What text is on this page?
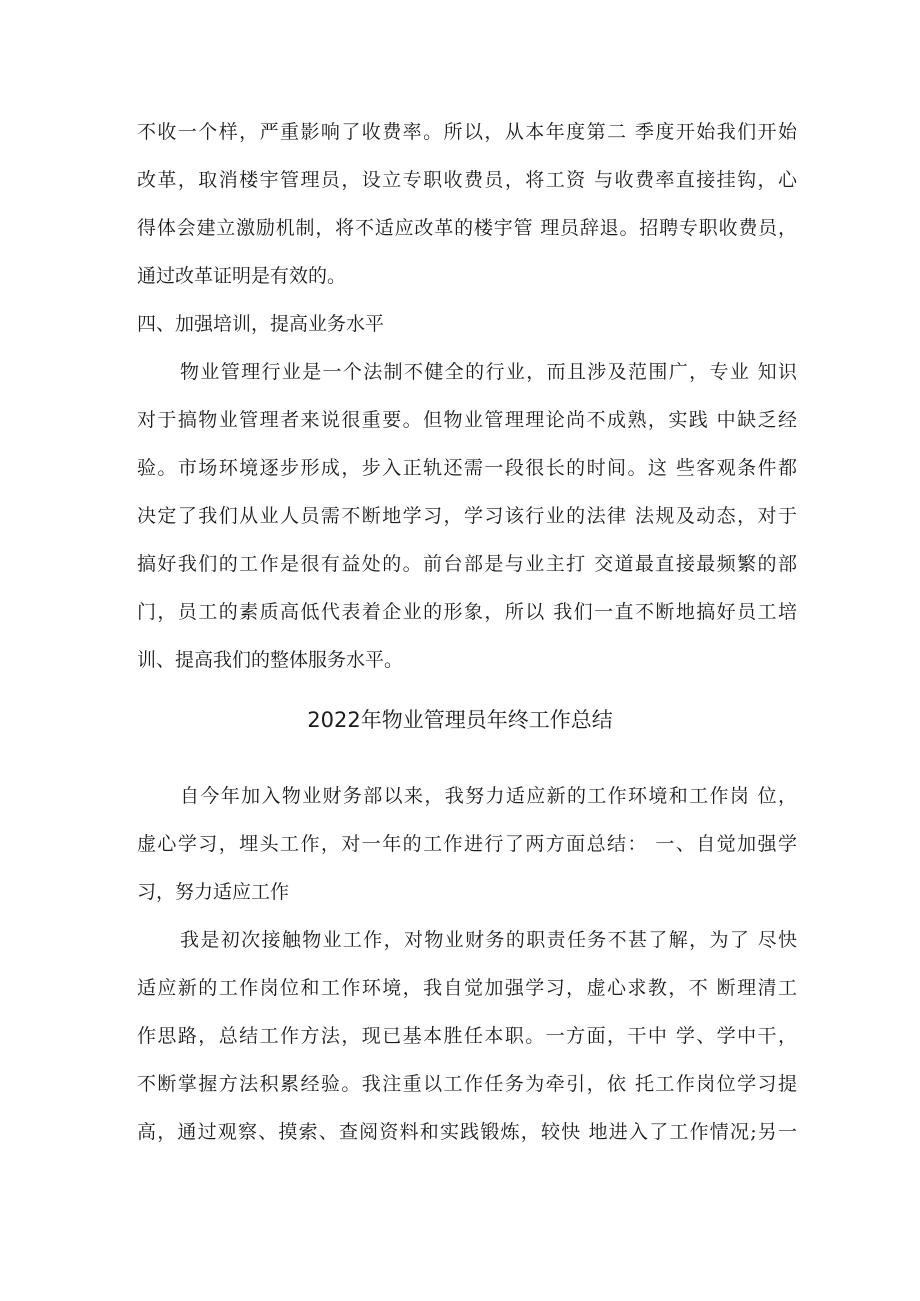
不收一个样，严重影响了收费率。所以，从本年度第二 季度开始我们开始
改革，取消楼宇管理员，设立专职收费员，将工资 与收费率直接挂钩，心
得体会建立激励机制，将不适应改革的楼宇管 理员辞退。招聘专职收费员，
通过改革证明是有效的。
四、加强培训，提高业务水平
物业管理行业是一个法制不健全的行业，而且涉及范围广，专业 知识
对于搞物业管理者来说很重要。但物业管理理论尚不成熟，实践 中缺乏经
验。市场环境逐步形成，步入正轨还需一段很长的时间。这 些客观条件都
决定了我们从业人员需不断地学习，学习该行业的法律 法规及动态，对于
搞好我们的工作是很有益处的。前台部是与业主打 交道最直接最频繁的部
门，员工的素质高低代表着企业的形象，所以 我们一直不断地搞好员工培
训、提高我们的整体服务水平。
2022年物业管理员年终工作总结
自今年加入物业财务部以来，我努力适应新的工作环境和工作岗 位，
虚心学习，埋头工作，对一年的工作进行了两方面总结： 一、自觉加强学
习，努力适应工作
我是初次接触物业工作，对物业财务的职责任务不甚了解，为了 尽快
适应新的工作岗位和工作环境，我自觉加强学习，虚心求教，不 断理清工
作思路，总结工作方法，现已基本胜任本职。一方面，干中 学、学中干，
不断掌握方法积累经验。我注重以工作任务为牵引，依 托工作岗位学习提
高，通过观察、摸索、查阅资料和实践锻炼，较快 地进入了工作情况;另一
